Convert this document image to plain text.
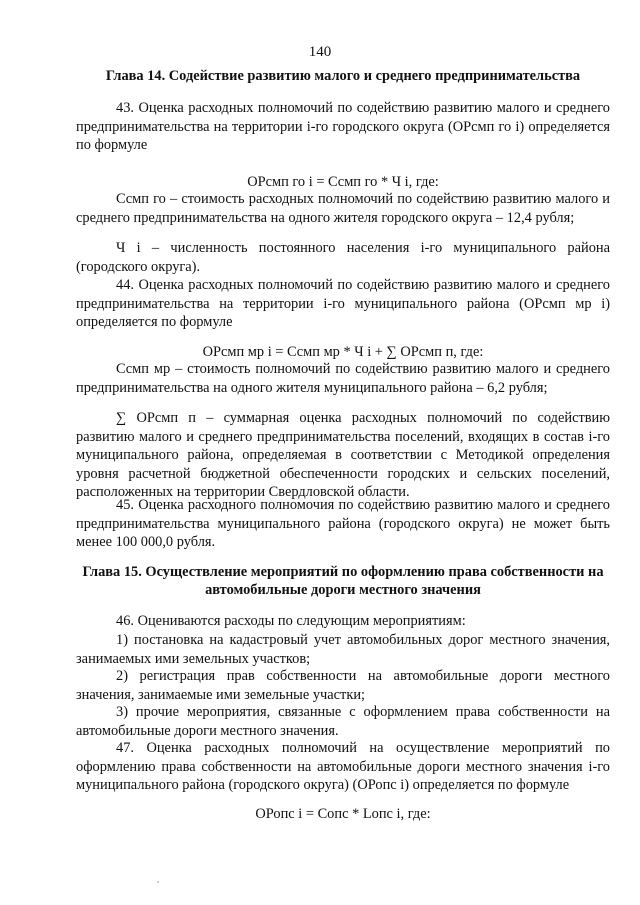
140
Глава 14. Содействие развитию малого и среднего предпринимательства

43. Оценка расходных полномочий по содействию развитию малого и среднего предпринимательства на территории i-го городского округа (ОРсмп го i) определяется по формуле

ОРсмп го i = Ссмп го * Ч i, где:

Ссмп го – стоимость расходных полномочий по содействию развитию малого и среднего предпринимательства на одного жителя городского округа – 12,4 рубля;

Ч i – численность постоянного населения i-го муниципального района (городского округа).

44. Оценка расходных полномочий по содействию развитию малого и среднего предпринимательства на территории i-го муниципального района (ОРсмп мр i) определяется по формуле

ОРсмп мр i = Ссмп мр * Ч i + ∑ ОРсмп п, где:

Ссмп мр – стоимость полномочий по содействию развитию малого и среднего предпринимательства на одного жителя муниципального района – 6,2 рубля;

∑ ОРсмп п – суммарная оценка расходных полномочий по содействию развитию малого и среднего предпринимательства поселений, входящих в состав i-го муниципального района, определяемая в соответствии с Методикой определения уровня расчетной бюджетной обеспеченности городских и сельских поселений, расположенных на территории Свердловской области.

45. Оценка расходного полномочия по содействию развитию малого и среднего предпринимательства муниципального района (городского округа) не может быть менее 100 000,0 рубля.

Глава 15. Осуществление мероприятий по оформлению права собственности на автомобильные дороги местного значения

46. Оцениваются расходы по следующим мероприятиям:

1) постановка на кадастровый учет автомобильных дорог местного значения, занимаемых ими земельных участков;

2) регистрация прав собственности на автомобильные дороги местного значения, занимаемые ими земельные участки;

3) прочие мероприятия, связанные с оформлением права собственности на автомобильные дороги местного значения.

47. Оценка расходных полномочий на осуществление мероприятий по оформлению права собственности на автомобильные дороги местного значения i-го муниципального района (городского округа) (ОРопс i) определяется по формуле

ОРопс i = Сопс * Lопс i, где:
